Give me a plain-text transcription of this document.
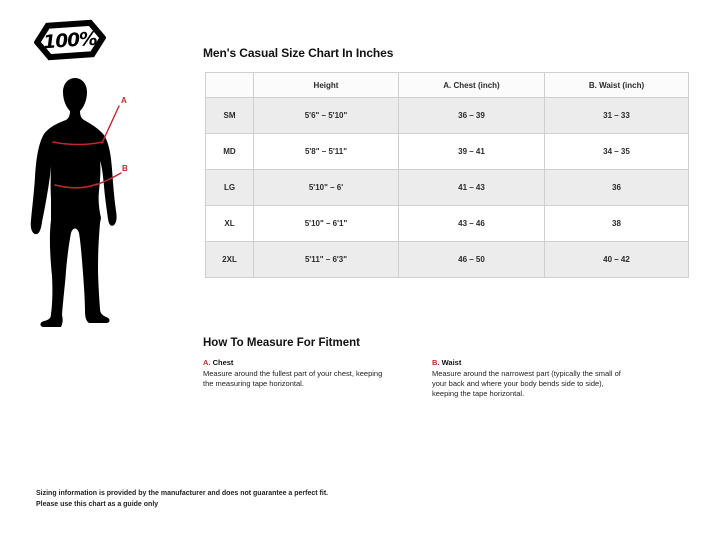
100%
A
B
Men's Casual Size Chart In Inches
	Height	A. Chest (inch)	B. Waist (inch)
SM	5'6" – 5'10"	36 – 39	31 – 33
MD	5'8" – 5'11"	39 – 41	34 – 35
LG	5'10" – 6'	41 – 43	36
XL	5'10" – 6'1"	43 – 46	38
2XL	5'11" – 6'3"	46 – 50	40 – 42
How To Measure For Fitment
A. Chest
Measure around the fullest part of your chest, keeping the measuring tape horizontal.
B. Waist
Measure around the narrowest part (typically the small of your back and where your body bends side to side), keeping the tape horizontal.
Sizing information is provided by the manufacturer and does not guarantee a perfect fit.
Please use this chart as a guide only
